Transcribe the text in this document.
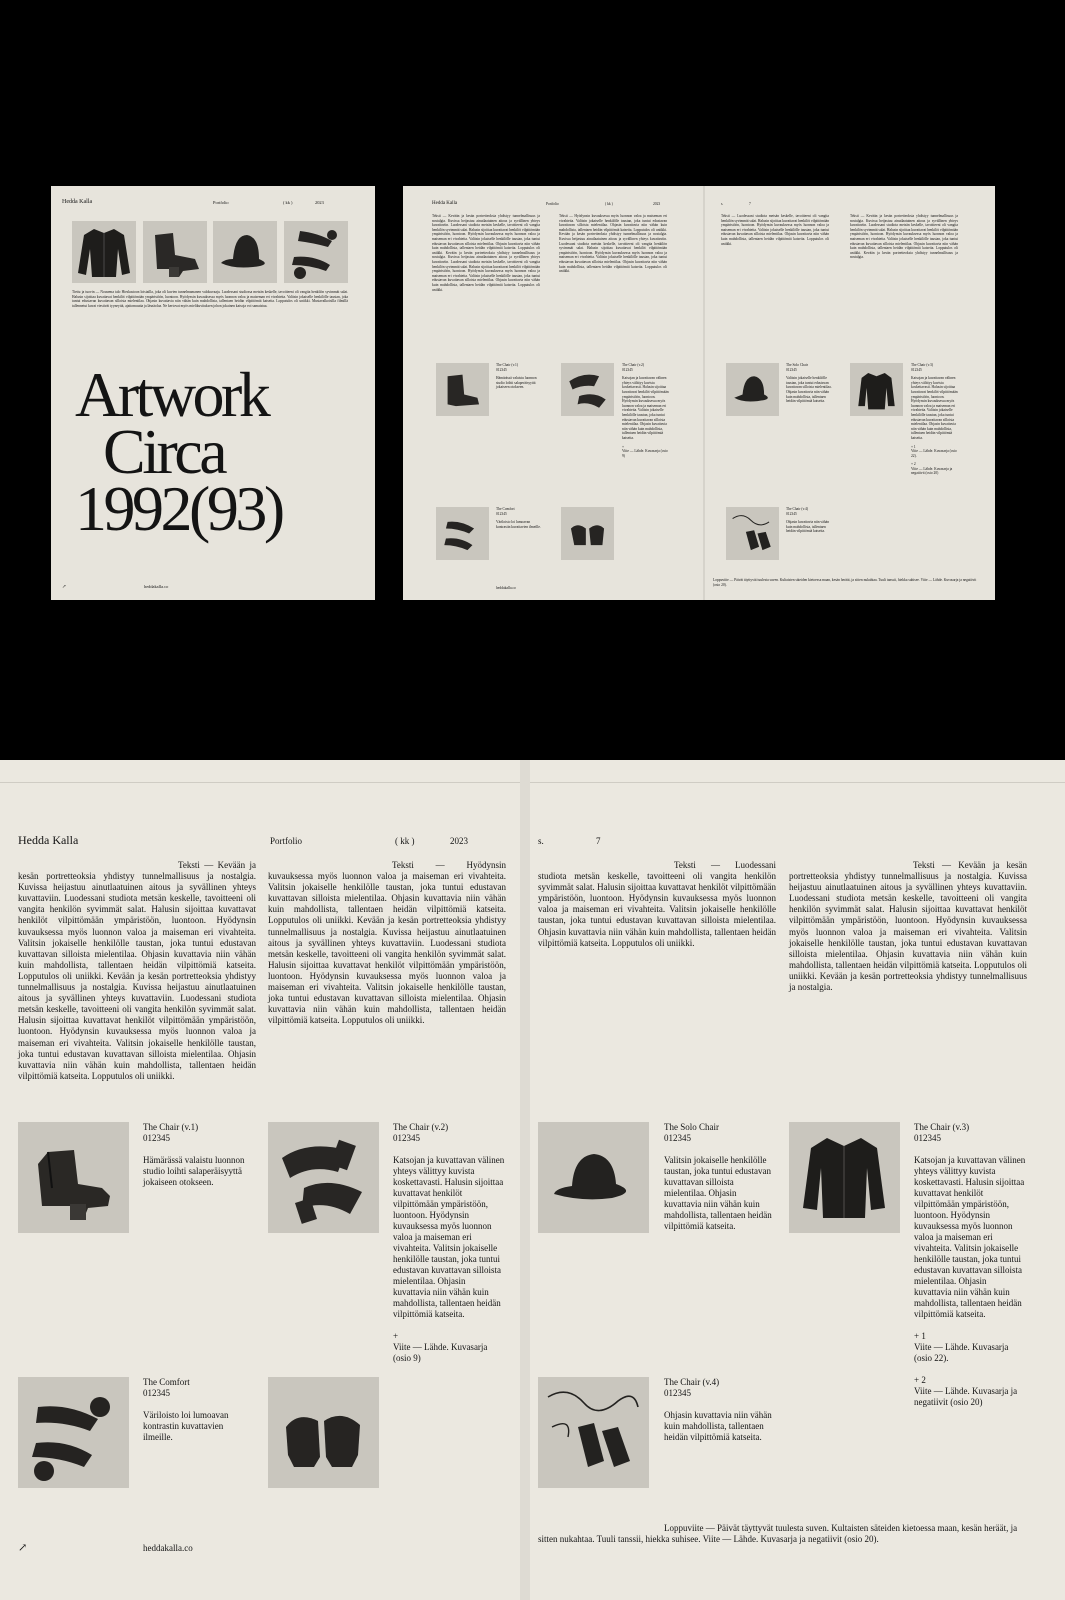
Hedda Kalla	Portfolio	( kk )	2023

Tiettu ja tuovin — Nousema talo Hieskastoon loistailla, joka oli kuvien tunnelmamanen valokuvaaja. Luodessani studiossa metsän keskelle, tavoitteeni oli vangita henkilön syvimmät salat. Halusin sijoittaa kuvattavat henkilöt vilpittömään ympäristöön, luontoon. Hyödynsin kuvauksessa myös luonnon valoa ja maiseman eri vivahteita. Valitsin jokaiselle henkilölle taustan, joka tuntui edustavan kuvattavan silloista mielentilaa. Ohjasin kuvattavia niin vähän kuin mahdollista, tallentaen heidän vilpittömiä katseita. Lopputulos oli uniikki. Mustavalkoisilla filmillä tallennetut kuvat viestivät tyyneyttä, ajattomuutta ja läsnäoloa. Ne kertovat myös mielikuvituksen johon jokainen katsoja voi samaistua.

Artwork
Circa
1992(93)
↗	heddakalla.co
Hedda Kalla	Portfolio	( kk )	2023

Teksti — Kevään ja kesän portretteoksia yhdistyy tunnelmallisuus ja nostalgia. Kuvissa heijastuu ainutlaatuinen aitous ja syvällinen yhteys kuvattaviin. Luodessani studiota metsän keskelle, tavoitteeni oli vangita henkilön syvimmät salat. Halusin sijoittaa kuvattavat henkilöt vilpittömään ympäristöön, luontoon. Hyödynsin kuvauksessa myös luonnon valoa ja maiseman eri vivahteita. Valitsin jokaiselle henkilölle taustan, joka tuntui edustavan kuvattavan silloista mielentilaa. Ohjasin kuvattavia niin vähän kuin mahdollista, tallentaen heidän vilpittömiä katseita. Lopputulos oli uniikki. Kevään ja kesän portretteoksia yhdistyy tunnelmallisuus ja nostalgia. Kuvissa heijastuu ainutlaatuinen aitous ja syvällinen yhteys kuvattaviin. Luodessani studiota metsän keskelle, tavoitteeni oli vangita henkilön syvimmät salat. Halusin sijoittaa kuvattavat henkilöt vilpittömään ympäristöön, luontoon. Hyödynsin kuvauksessa myös luonnon valoa ja maiseman eri vivahteita. Valitsin jokaiselle henkilölle taustan, joka tuntui edustavan kuvattavan silloista mielentilaa. Ohjasin kuvattavia niin vähän kuin mahdollista, tallentaen heidän vilpittömiä katseita. Lopputulos oli uniikki.

Teksti — Hyödynsin kuvauksessa myös luonnon valoa ja maiseman eri vivahteita. Valitsin jokaiselle henkilölle taustan, joka tuntui edustavan kuvattavan silloista mielentilaa. Ohjasin kuvattavia niin vähän kuin mahdollista, tallentaen heidän vilpittömiä katseita. Lopputulos oli uniikki. Kevään ja kesän portretteoksia yhdistyy tunnelmallisuus ja nostalgia. Kuvissa heijastuu ainutlaatuinen aitous ja syvällinen yhteys kuvattaviin. Luodessani studiota metsän keskelle, tavoitteeni oli vangita henkilön syvimmät salat. Halusin sijoittaa kuvattavat henkilöt vilpittömään ympäristöön, luontoon. Hyödynsin kuvauksessa myös luonnon valoa ja maiseman eri vivahteita. Valitsin jokaiselle henkilölle taustan, joka tuntui edustavan kuvattavan silloista mielentilaa. Ohjasin kuvattavia niin vähän kuin mahdollista, tallentaen heidän vilpittömiä katseita. Lopputulos oli uniikki.

The Chair (v.1)
012345
Hämärässä valaistu luonnon studio loihti salaperäisyyttä jokaiseen otokseen.
The Chair (v.2)
012345
Katsojan ja kuvattavan välinen yhteys välittyy kuvista koskettavasti. Halusin sijoittaa kuvattavat henkilöt vilpittömään ympäristöön, luontoon. Hyödynsin kuvauksessa myös luonnon valoa ja maiseman eri vivahteita. Valitsin jokaiselle henkilölle taustan, joka tuntui edustavan kuvattavan silloista mielentilaa. Ohjasin kuvattavia niin vähän kuin mahdollista, tallentaen heidän vilpittömiä katseita.
+
Viite — Lähde. Kuvasarja (osio 9)
The Comfort
012345
Väriloisto loi lumoavan kontrastin kuvattavien ilmeille.
heddakalla.co
s.	7

Teksti — Luodessani studiota metsän keskelle, tavoitteeni oli vangita henkilön syvimmät salat. Halusin sijoittaa kuvattavat henkilöt vilpittömään ympäristöön, luontoon. Hyödynsin kuvauksessa myös luonnon valoa ja maiseman eri vivahteita. Valitsin jokaiselle henkilölle taustan, joka tuntui edustavan kuvattavan silloista mielentilaa. Ohjasin kuvattavia niin vähän kuin mahdollista, tallentaen heidän vilpittömiä katseita. Lopputulos oli uniikki.

Teksti — Kevään ja kesän portretteoksia yhdistyy tunnelmallisuus ja nostalgia. Kuvissa heijastuu ainutlaatuinen aitous ja syvällinen yhteys kuvattaviin. Luodessani studiota metsän keskelle, tavoitteeni oli vangita henkilön syvimmät salat. Halusin sijoittaa kuvattavat henkilöt vilpittömään ympäristöön, luontoon. Hyödynsin kuvauksessa myös luonnon valoa ja maiseman eri vivahteita. Valitsin jokaiselle henkilölle taustan, joka tuntui edustavan kuvattavan silloista mielentilaa. Ohjasin kuvattavia niin vähän kuin mahdollista, tallentaen heidän vilpittömiä katseita. Lopputulos oli uniikki. Kevään ja kesän portretteoksia yhdistyy tunnelmallisuus ja nostalgia.

The Solo Chair
012345
Valitsin jokaiselle henkilölle taustan, joka tuntui edustavan kuvattavan silloista mielentilaa. Ohjasin kuvattavia niin vähän kuin mahdollista, tallentaen heidän vilpittömiä katseita.
The Chair (v.3)
012345
Katsojan ja kuvattavan välinen yhteys välittyy kuvista koskettavasti. Halusin sijoittaa kuvattavat henkilöt vilpittömään ympäristöön, luontoon. Hyödynsin kuvauksessa myös luonnon valoa ja maiseman eri vivahteita. Valitsin jokaiselle henkilölle taustan, joka tuntui edustavan kuvattavan silloista mielentilaa. Ohjasin kuvattavia niin vähän kuin mahdollista, tallentaen heidän vilpittömiä katseita.
+ 1
Viite — Lähde. Kuvasarja (osio 22).
+ 2
Viite — Lähde. Kuvasarja ja negatiivit (osio 20)
The Chair (v.4)
012345
Ohjasin kuvattavia niin vähän kuin mahdollista, tallentaen heidän vilpittömiä katseita.

Loppuviite — Päivät täyttyvät tuulesta suven. Kultaisten säteiden kietoessa maan, kesän heräät, ja sitten nukahtaa. Tuuli tanssii, hiekka suhisee. Viite — Lähde. Kuvasarja ja negatiivit (osio 20).

Hedda Kalla	Portfolio	( kk )	2023

Teksti — Kevään ja kesän portretteoksia yhdistyy tunnelmallisuus ja nostalgia. Kuvissa heijastuu ainutlaatuinen aitous ja syvällinen yhteys kuvattaviin. Luodessani studiota metsän keskelle, tavoitteeni oli vangita henkilön syvimmät salat. Halusin sijoittaa kuvattavat henkilöt vilpittömään ympäristöön, luontoon. Hyödynsin kuvauksessa myös luonnon valoa ja maiseman eri vivahteita. Valitsin jokaiselle henkilölle taustan, joka tuntui edustavan kuvattavan silloista mielentilaa. Ohjasin kuvattavia niin vähän kuin mahdollista, tallentaen heidän vilpittömiä katseita. Lopputulos oli uniikki. Kevään ja kesän portretteoksia yhdistyy tunnelmallisuus ja nostalgia. Kuvissa heijastuu ainutlaatuinen aitous ja syvällinen yhteys kuvattaviin. Luodessani studiota metsän keskelle, tavoitteeni oli vangita henkilön syvimmät salat. Halusin sijoittaa kuvattavat henkilöt vilpittömään ympäristöön, luontoon. Hyödynsin kuvauksessa myös luonnon valoa ja maiseman eri vivahteita. Valitsin jokaiselle henkilölle taustan, joka tuntui edustavan kuvattavan silloista mielentilaa. Ohjasin kuvattavia niin vähän kuin mahdollista, tallentaen heidän vilpittömiä katseita. Lopputulos oli uniikki.

Teksti — Hyödynsin kuvauksessa myös luonnon valoa ja maiseman eri vivahteita. Valitsin jokaiselle henkilölle taustan, joka tuntui edustavan kuvattavan silloista mielentilaa. Ohjasin kuvattavia niin vähän kuin mahdollista, tallentaen heidän vilpittömiä katseita. Lopputulos oli uniikki. Kevään ja kesän portretteoksia yhdistyy tunnelmallisuus ja nostalgia. Kuvissa heijastuu ainutlaatuinen aitous ja syvällinen yhteys kuvattaviin. Luodessani studiota metsän keskelle, tavoitteeni oli vangita henkilön syvimmät salat. Halusin sijoittaa kuvattavat henkilöt vilpittömään ympäristöön, luontoon. Hyödynsin kuvauksessa myös luonnon valoa ja maiseman eri vivahteita. Valitsin jokaiselle henkilölle taustan, joka tuntui edustavan kuvattavan silloista mielentilaa. Ohjasin kuvattavia niin vähän kuin mahdollista, tallentaen heidän vilpittömiä katseita. Lopputulos oli uniikki.

The Chair (v.1)
012345
Hämärässä valaistu luonnon studio loihti salaperäisyyttä jokaiseen otokseen.
The Chair (v.2)
012345
Katsojan ja kuvattavan välinen yhteys välittyy kuvista koskettavasti. Halusin sijoittaa kuvattavat henkilöt vilpittömään ympäristöön, luontoon. Hyödynsin kuvauksessa myös luonnon valoa ja maiseman eri vivahteita. Valitsin jokaiselle henkilölle taustan, joka tuntui edustavan kuvattavan silloista mielentilaa. Ohjasin kuvattavia niin vähän kuin mahdollista, tallentaen heidän vilpittömiä katseita.
+
Viite — Lähde. Kuvasarja (osio 9)
The Comfort
012345
Väriloisto loi lumoavan kontrastin kuvattavien ilmeille.
↗	heddakalla.co
s.	7

Teksti — Luodessani studiota metsän keskelle, tavoitteeni oli vangita henkilön syvimmät salat. Halusin sijoittaa kuvattavat henkilöt vilpittömään ympäristöön, luontoon. Hyödynsin kuvauksessa myös luonnon valoa ja maiseman eri vivahteita. Valitsin jokaiselle henkilölle taustan, joka tuntui edustavan kuvattavan silloista mielentilaa. Ohjasin kuvattavia niin vähän kuin mahdollista, tallentaen heidän vilpittömiä katseita. Lopputulos oli uniikki.

Teksti — Kevään ja kesän portretteoksia yhdistyy tunnelmallisuus ja nostalgia. Kuvissa heijastuu ainutlaatuinen aitous ja syvällinen yhteys kuvattaviin. Luodessani studiota metsän keskelle, tavoitteeni oli vangita henkilön syvimmät salat. Halusin sijoittaa kuvattavat henkilöt vilpittömään ympäristöön, luontoon. Hyödynsin kuvauksessa myös luonnon valoa ja maiseman eri vivahteita. Valitsin jokaiselle henkilölle taustan, joka tuntui edustavan kuvattavan silloista mielentilaa. Ohjasin kuvattavia niin vähän kuin mahdollista, tallentaen heidän vilpittömiä katseita. Lopputulos oli uniikki. Kevään ja kesän portretteoksia yhdistyy tunnelmallisuus ja nostalgia.

The Solo Chair
012345
Valitsin jokaiselle henkilölle taustan, joka tuntui edustavan kuvattavan silloista mielentilaa. Ohjasin kuvattavia niin vähän kuin mahdollista, tallentaen heidän vilpittömiä katseita.
The Chair (v.3)
012345
Katsojan ja kuvattavan välinen yhteys välittyy kuvista koskettavasti. Halusin sijoittaa kuvattavat henkilöt vilpittömään ympäristöön, luontoon. Hyödynsin kuvauksessa myös luonnon valoa ja maiseman eri vivahteita. Valitsin jokaiselle henkilölle taustan, joka tuntui edustavan kuvattavan silloista mielentilaa. Ohjasin kuvattavia niin vähän kuin mahdollista, tallentaen heidän vilpittömiä katseita.
+ 1
Viite — Lähde. Kuvasarja (osio 22).
+ 2
Viite — Lähde. Kuvasarja ja negatiivit (osio 20)
The Chair (v.4)
012345
Ohjasin kuvattavia niin vähän kuin mahdollista, tallentaen heidän vilpittömiä katseita.

Loppuviite — Päivät täyttyvät tuulesta suven. Kultaisten säteiden kietoessa maan, kesän heräät, ja sitten nukahtaa. Tuuli tanssii, hiekka suhisee. Viite — Lähde. Kuvasarja ja negatiivit (osio 20).
